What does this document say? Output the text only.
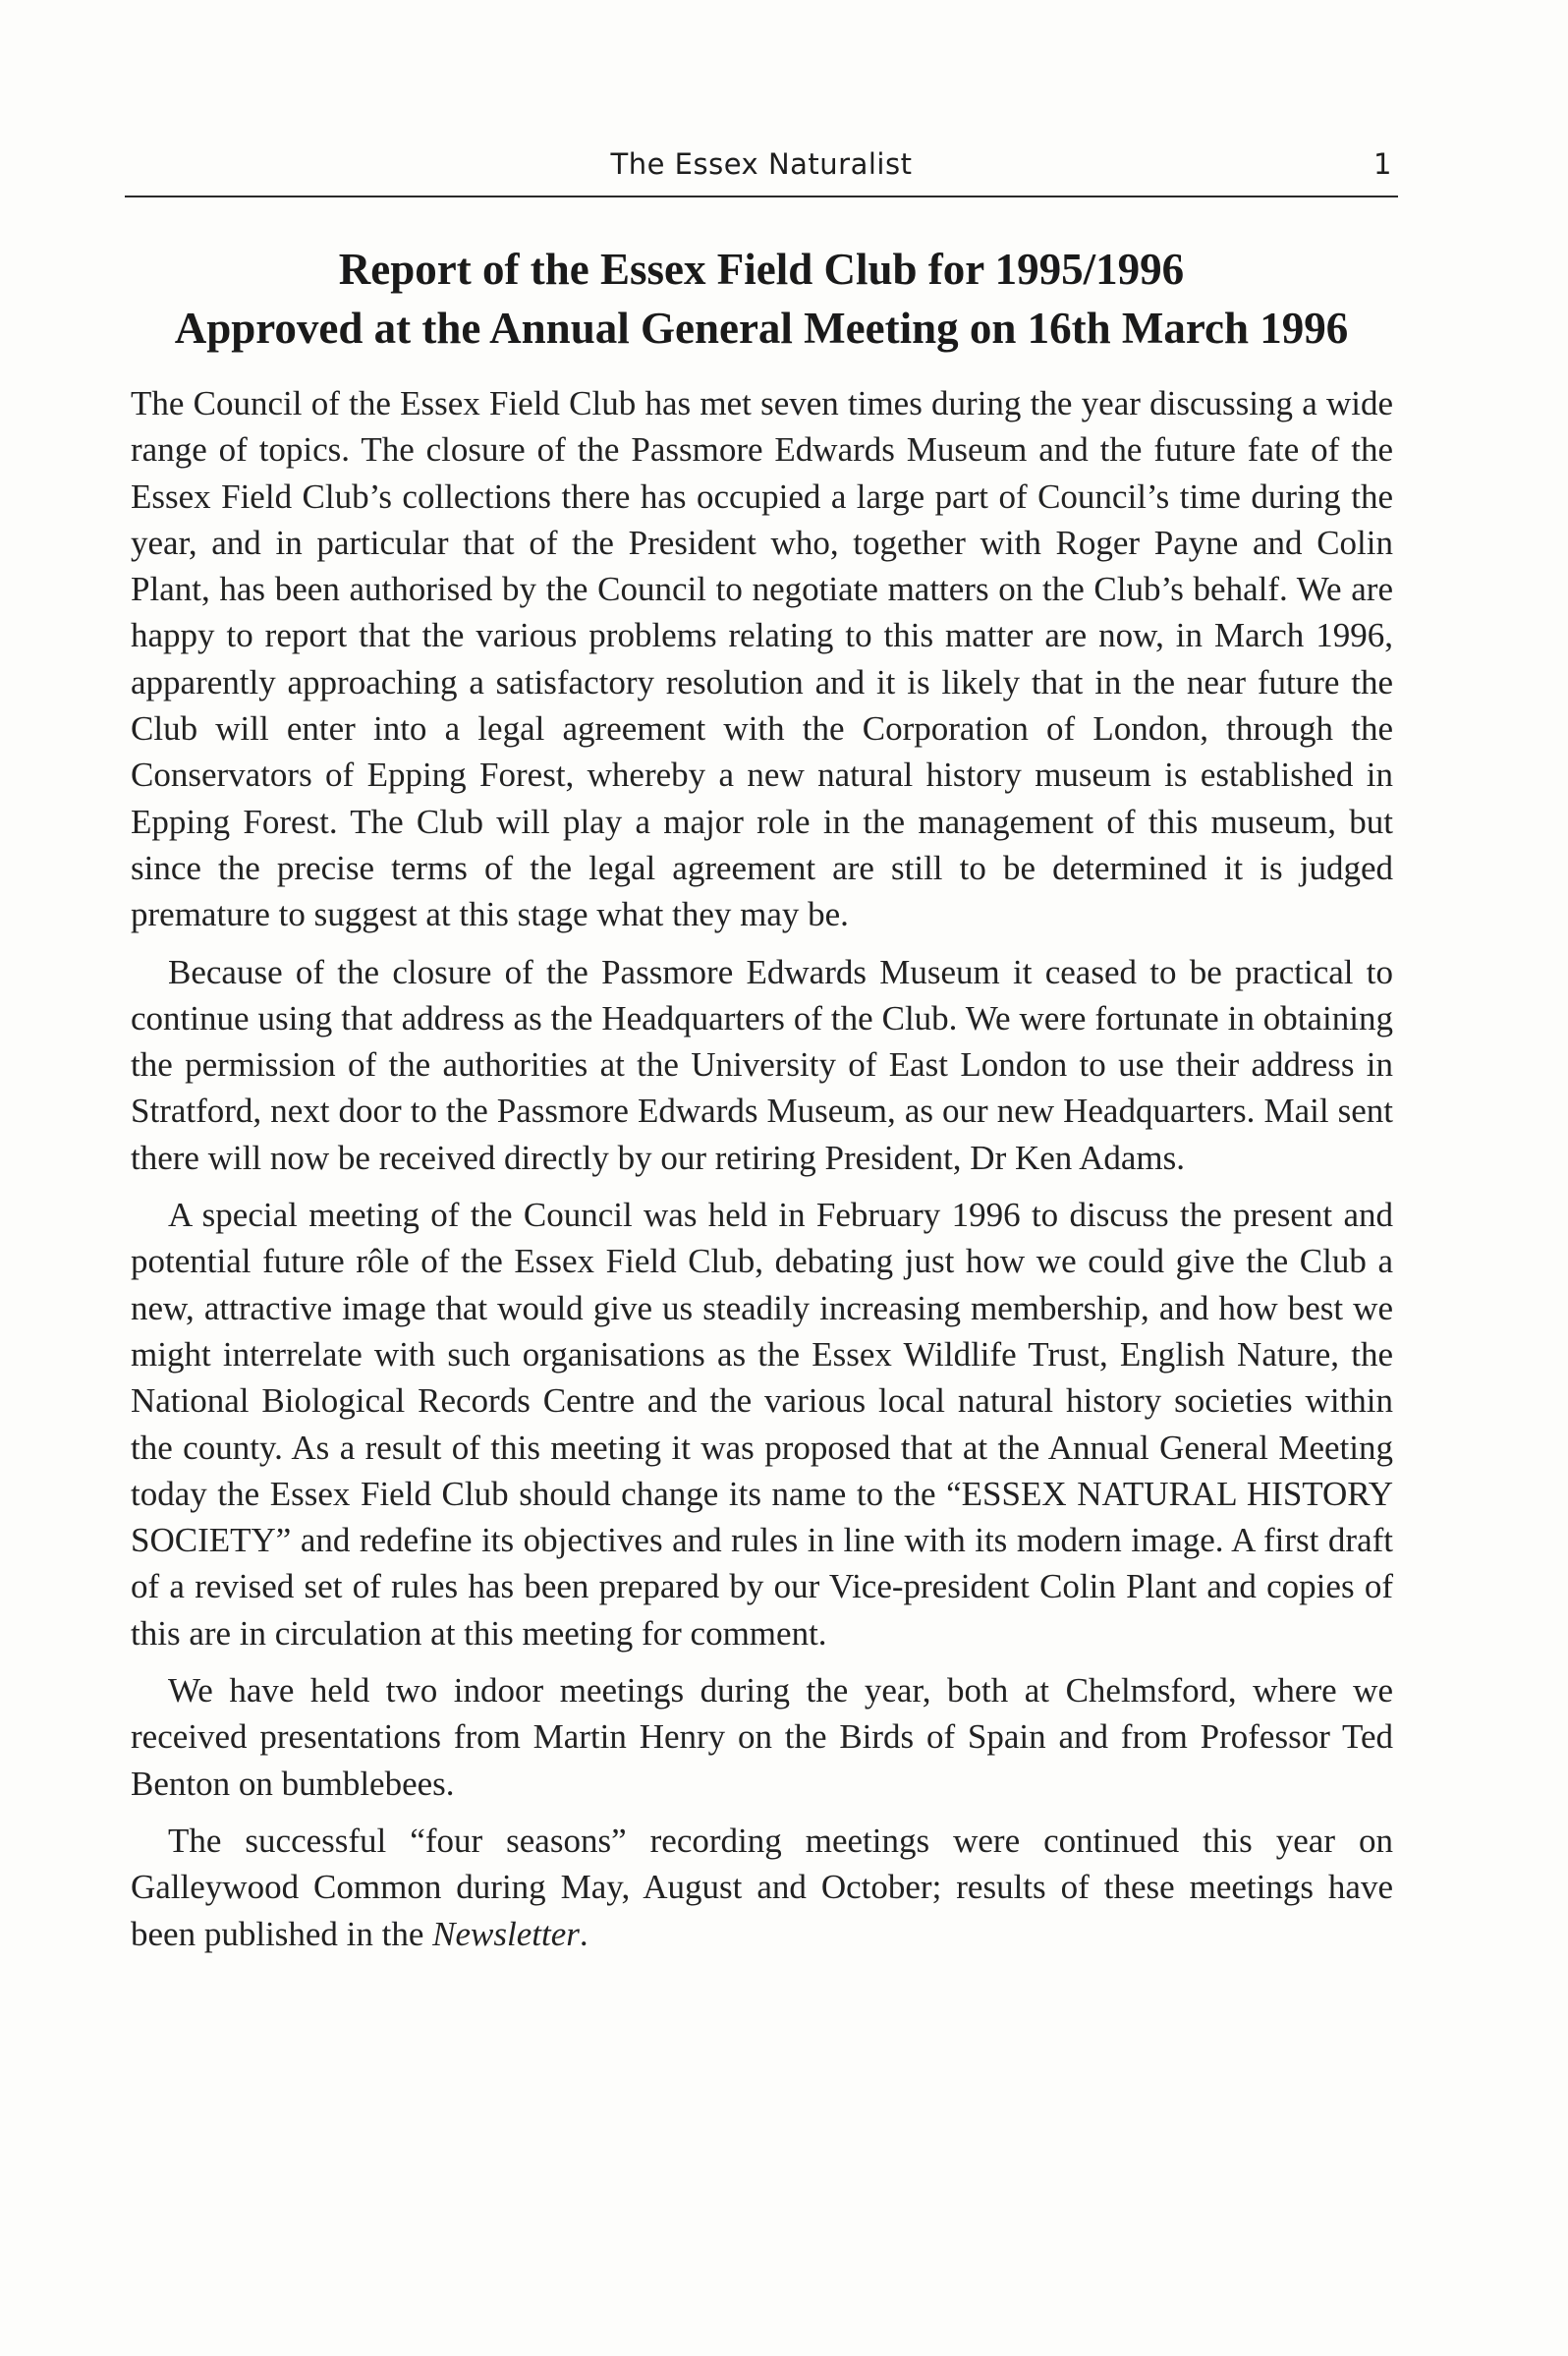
The Essex Naturalist	1
Report of the Essex Field Club for 1995/1996
Approved at the Annual General Meeting on 16th March 1996

The Council of the Essex Field Club has met seven times during the year discussing a wide range of topics. The closure of the Passmore Edwards Museum and the future fate of the Essex Field Club’s collections there has occupied a large part of Council’s time during the year, and in particular that of the President who, together with Roger Payne and Colin Plant, has been authorised by the Council to negotiate matters on the Club’s behalf. We are happy to report that the various problems relating to this matter are now, in March 1996, apparently approaching a satisfactory resolution and it is likely that in the near future the Club will enter into a legal agreement with the Corporation of London, through the Conservators of Epping Forest, whereby a new natural history museum is established in Epping Forest. The Club will play a major role in the management of this museum, but since the precise terms of the legal agreement are still to be determined it is judged premature to suggest at this stage what they may be.

Because of the closure of the Passmore Edwards Museum it ceased to be practical to continue using that address as the Headquarters of the Club. We were fortunate in obtaining the permission of the authorities at the University of East London to use their address in Stratford, next door to the Passmore Edwards Museum, as our new Headquarters. Mail sent there will now be received directly by our retiring President, Dr Ken Adams.

A special meeting of the Council was held in February 1996 to discuss the present and potential future rôle of the Essex Field Club, debating just how we could give the Club a new, attractive image that would give us steadily increasing membership, and how best we might interrelate with such organisations as the Essex Wildlife Trust, English Nature, the National Biological Records Centre and the various local natural history societies within the county. As a result of this meeting it was proposed that at the Annual General Meeting today the Essex Field Club should change its name to the “ESSEX NATURAL HISTORY SOCIETY” and redefine its objectives and rules in line with its modern image. A first draft of a revised set of rules has been prepared by our Vice-president Colin Plant and copies of this are in circulation at this meeting for comment.

We have held two indoor meetings during the year, both at Chelmsford, where we received presentations from Martin Henry on the Birds of Spain and from Professor Ted Benton on bumblebees.

The successful “four seasons” recording meetings were continued this year on Galleywood Common during May, August and October; results of these meetings have been published in the Newsletter.
